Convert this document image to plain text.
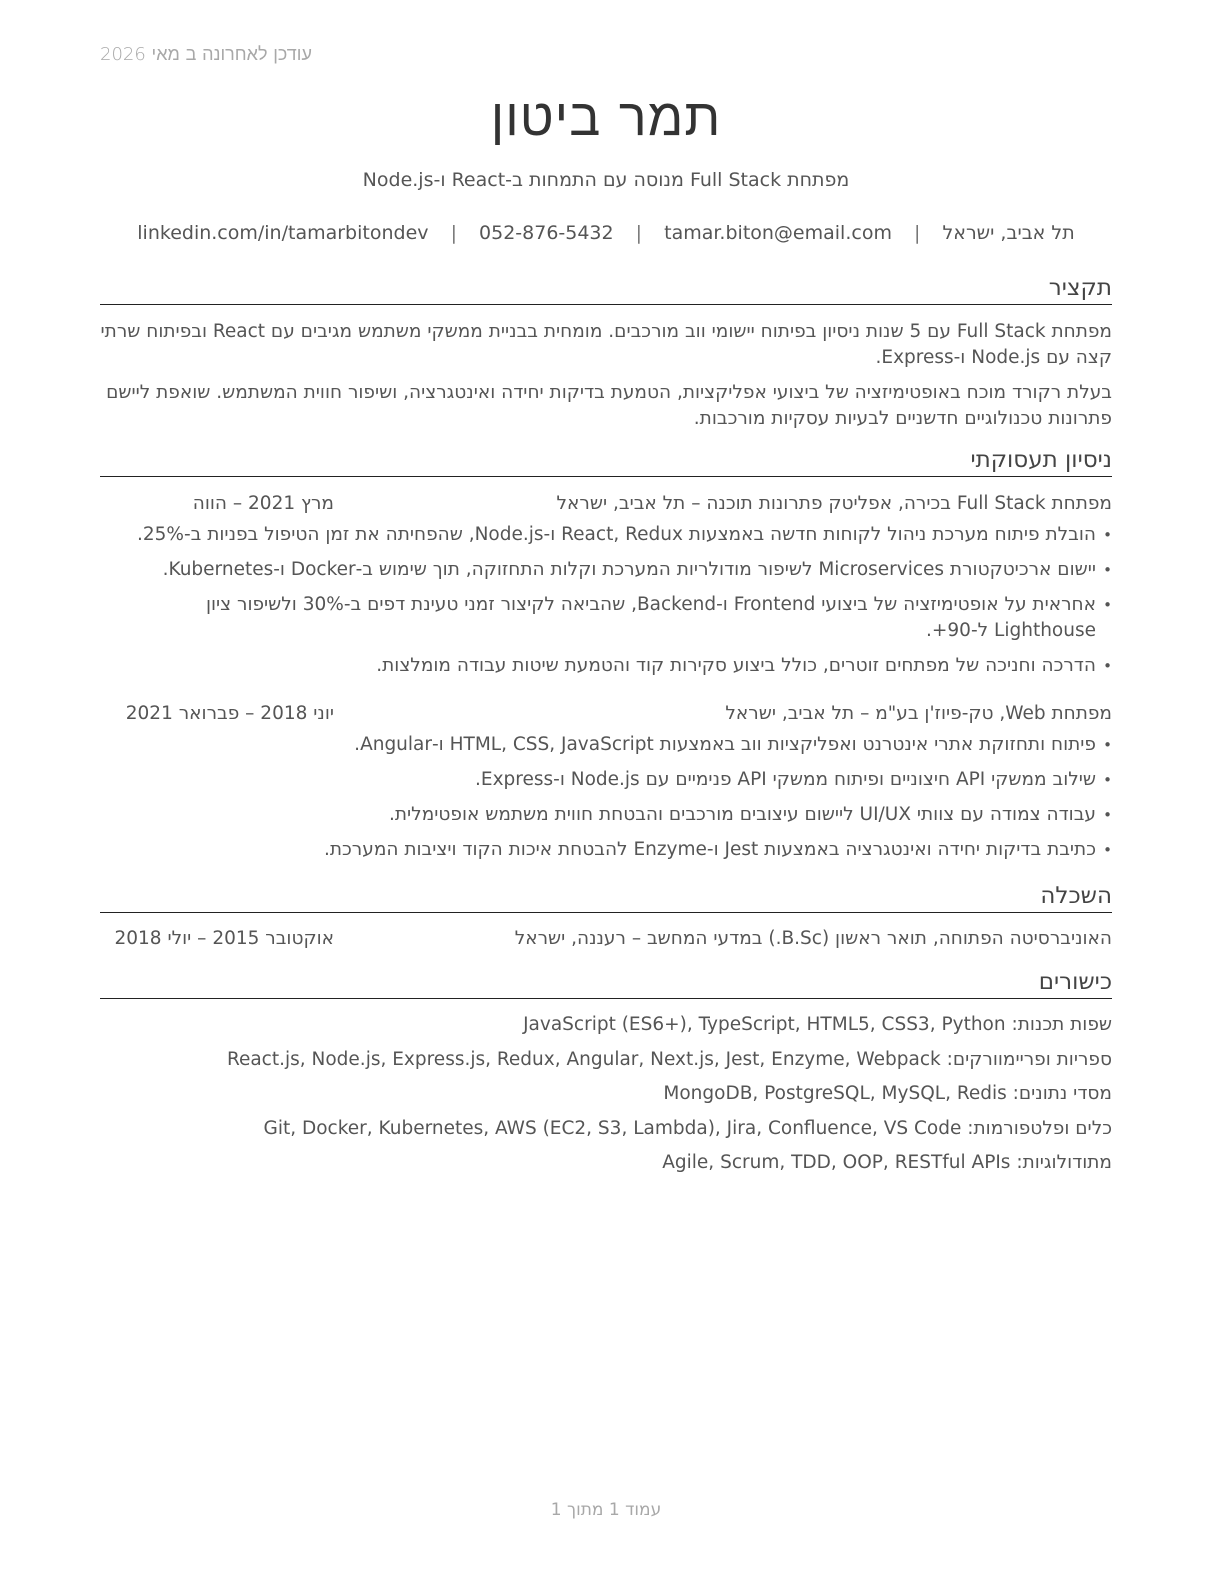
עודכן לאחרונה ב מאי 2026
תמר ביטון
מפתחת Full Stack מנוסה עם התמחות ב-React ו-Node.js
תל אביב, ישראל | tamar.biton@email.com | 052-876-5432 | linkedin.com/in/tamarbitondev
תקציר
מפתחת Full Stack עם 5 שנות ניסיון בפיתוח יישומי ווב מורכבים. מומחית בבניית ממשקי משתמש מגיבים עם React ובפיתוח שרתי קצה עם Node.js ו-Express.
בעלת רקורד מוכח באופטימיזציה של ביצועי אפליקציות, הטמעת בדיקות יחידה ואינטגרציה, ושיפור חווית המשתמש. שואפת ליישם פתרונות טכנולוגיים חדשניים לבעיות עסקיות מורכבות.
ניסיון תעסוקתי
מפתחת Full Stack בכירה, אפליטק פתרונות תוכנה – תל אביב, ישראל
מרץ 2021 – הווה
• הובלת פיתוח מערכת ניהול לקוחות חדשה באמצעות React, Redux ו-Node.js, שהפחיתה את זמן הטיפול בפניות ב-25%.
• יישום ארכיטקטורת Microservices לשיפור מודולריות המערכת וקלות התחזוקה, תוך שימוש ב-Docker ו-Kubernetes.
• אחראית על אופטימיזציה של ביצועי Frontend ו-Backend, שהביאה לקיצור זמני טעינת דפים ב-30% ולשיפור ציון Lighthouse ל-90+.
• הדרכה וחניכה של מפתחים זוטרים, כולל ביצוע סקירות קוד והטמעת שיטות עבודה מומלצות.
מפתחת Web, טק-פיוז'ן בע"מ – תל אביב, ישראל
יוני 2018 – פברואר 2021
• פיתוח ותחזוקת אתרי אינטרנט ואפליקציות ווב באמצעות HTML, CSS, JavaScript ו-Angular.
• שילוב ממשקי API חיצוניים ופיתוח ממשקי API פנימיים עם Node.js ו-Express.
• עבודה צמודה עם צוותי UI/UX ליישום עיצובים מורכבים והבטחת חווית משתמש אופטימלית.
• כתיבת בדיקות יחידה ואינטגרציה באמצעות Jest ו-Enzyme להבטחת איכות הקוד ויציבות המערכת.
השכלה
האוניברסיטה הפתוחה, תואר ראשון (B.Sc.) במדעי המחשב – רעננה, ישראל
אוקטובר 2015 – יולי 2018
כישורים
שפות תכנות: JavaScript (ES6+), TypeScript, HTML5, CSS3, Python
ספריות ופריימוורקים: React.js, Node.js, Express.js, Redux, Angular, Next.js, Jest, Enzyme, Webpack
מסדי נתונים: MongoDB, PostgreSQL, MySQL, Redis
כלים ופלטפורמות: Git, Docker, Kubernetes, AWS (EC2, S3, Lambda), Jira, Confluence, VS Code
מתודולוגיות: Agile, Scrum, TDD, OOP, RESTful APIs
עמוד 1 מתוך 1
